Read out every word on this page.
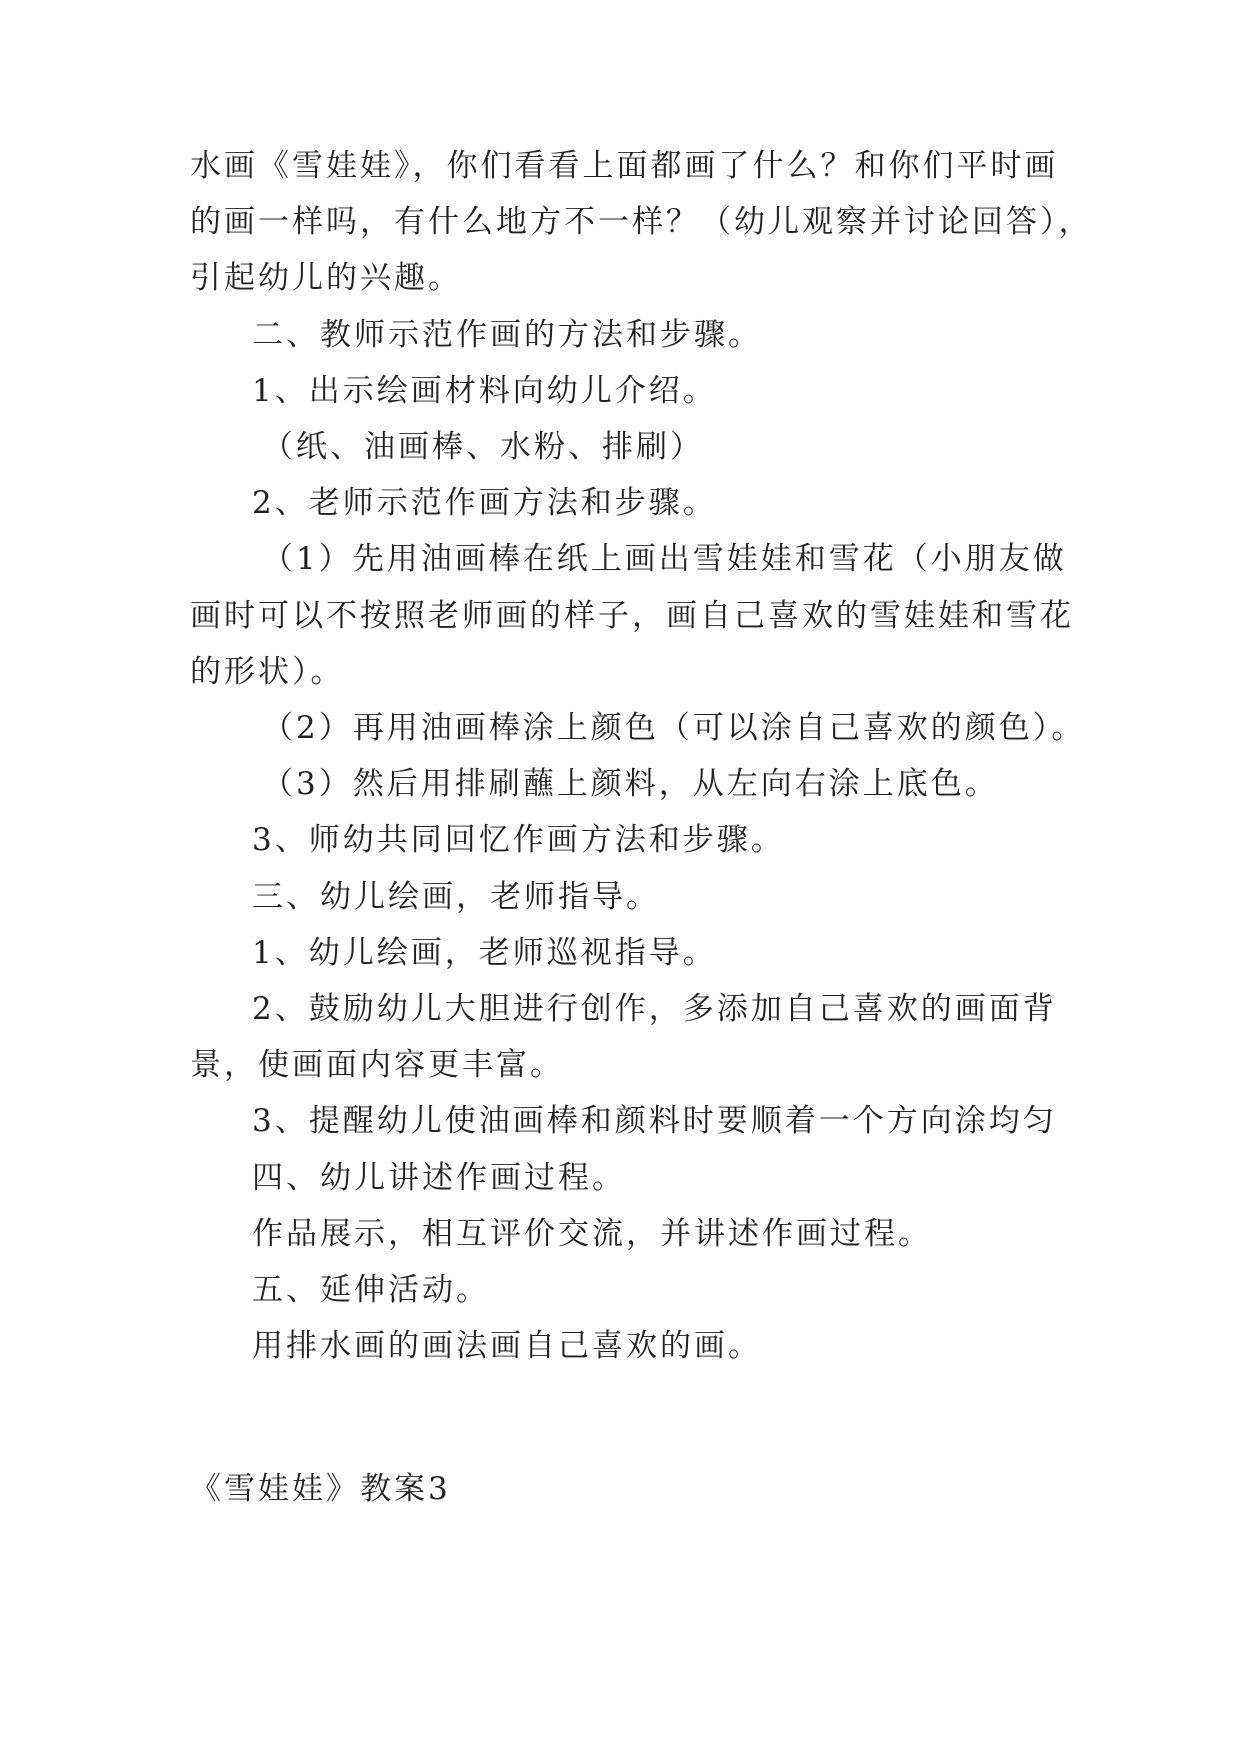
水画《雪娃娃》，你们看看上面都画了什么？和你们平时画
的画一样吗，有什么地方不一样？（幼儿观察并讨论回答），
引起幼儿的兴趣。
二、教师示范作画的方法和步骤。
1、出示绘画材料向幼儿介绍。
（纸、油画棒、水粉、排刷）
2、老师示范作画方法和步骤。
（1）先用油画棒在纸上画出雪娃娃和雪花（小朋友做
画时可以不按照老师画的样子，画自己喜欢的雪娃娃和雪花
的形状）。
（2）再用油画棒涂上颜色（可以涂自己喜欢的颜色）。
（3）然后用排刷蘸上颜料，从左向右涂上底色。
3、师幼共同回忆作画方法和步骤。
三、幼儿绘画，老师指导。
1、幼儿绘画，老师巡视指导。
2、鼓励幼儿大胆进行创作，多添加自己喜欢的画面背
景，使画面内容更丰富。
3、提醒幼儿使油画棒和颜料时要顺着一个方向涂均匀
四、幼儿讲述作画过程。
作品展示，相互评价交流，并讲述作画过程。
五、延伸活动。
用排水画的画法画自己喜欢的画。
《雪娃娃》教案3
